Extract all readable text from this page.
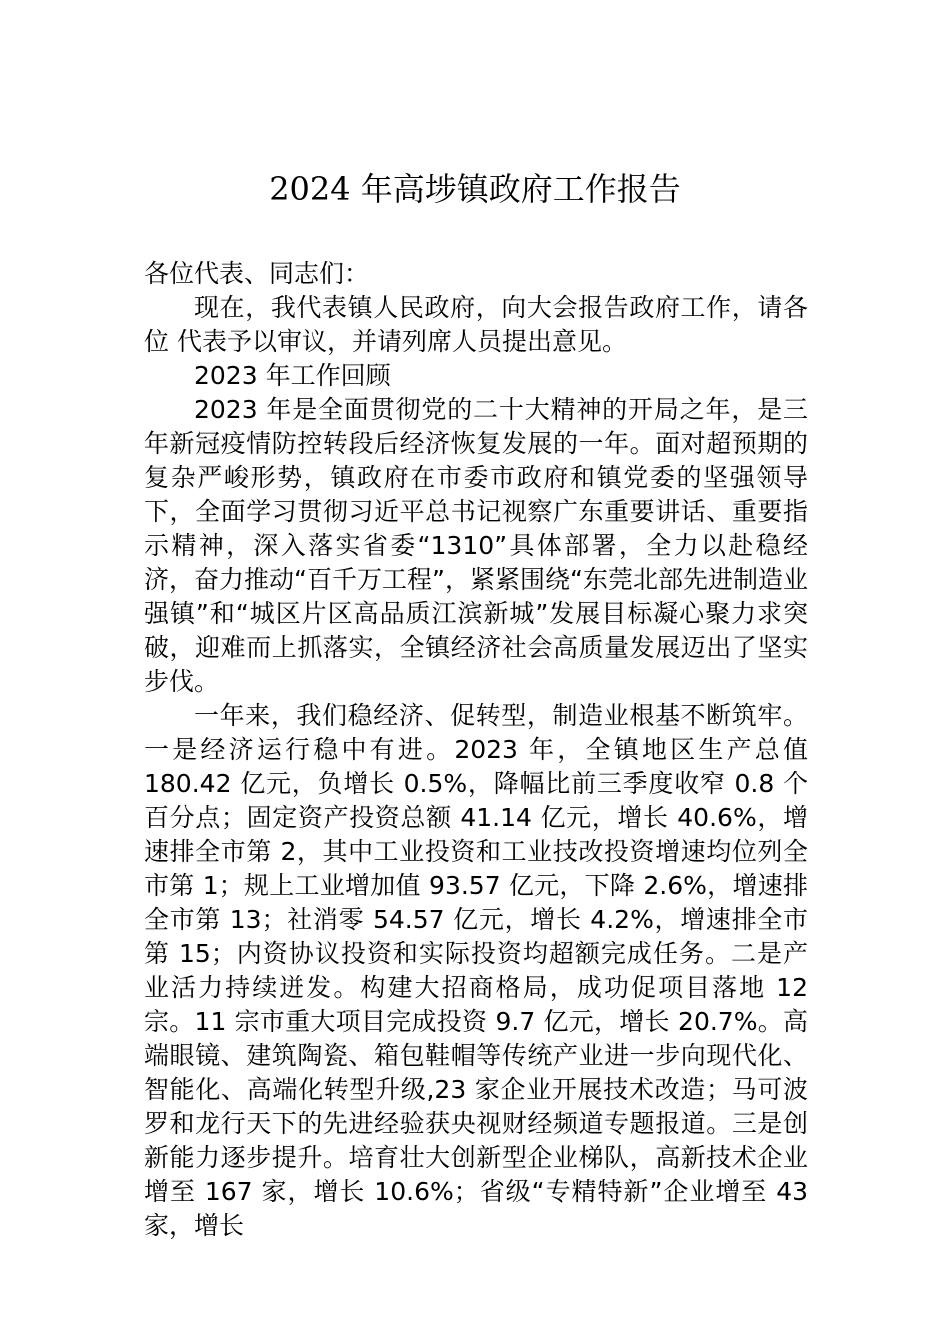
2024 年高埗镇政府工作报告

各位代表、同志们：

现在，我代表镇人民政府，向大会报告政府工作，请各位 代表予以审议，并请列席人员提出意见。

2023 年工作回顾

2023 年是全面贯彻党的二十大精神的开局之年，是三年新冠疫情防控转段后经济恢复发展的一年。面对超预期的复杂严峻形势，镇政府在市委市政府和镇党委的坚强领导下，全面学习贯彻习近平总书记视察广东重要讲话、重要指示精神，深入落实省委“1310”具体部署，全力以赴稳经济，奋力推动“百千万工程”，紧紧围绕“东莞北部先进制造业强镇”和“城区片区高品质江滨新城”发展目标凝心聚力求突破，迎难而上抓落实，全镇经济社会高质量发展迈出了坚实步伐。

一年来，我们稳经济、促转型，制造业根基不断筑牢。一是经济运行稳中有进。2023 年，全镇地区生产总值 180.42 亿元，负增长 0.5%，降幅比前三季度收窄 0.8 个百分点；固定资产投资总额 41.14 亿元，增长 40.6%，增速排全市第 2，其中工业投资和工业技改投资增速均位列全市第 1；规上工业增加值 93.57 亿元，下降 2.6%，增速排全市第 13；社消零 54.57 亿元，增长 4.2%，增速排全市第 15；内资协议投资和实际投资均超额完成任务。二是产业活力持续迸发。构建大招商格局，成功促项目落地 12 宗。11 宗市重大项目完成投资 9.7 亿元，增长 20.7%。高端眼镜、建筑陶瓷、箱包鞋帽等传统产业进一步向现代化、智能化、高端化转型升级,23 家企业开展技术改造；马可波罗和龙行天下的先进经验获央视财经频道专题报道。三是创新能力逐步提升。培育壮大创新型企业梯队，高新技术企业增至 167 家，增长 10.6%；省级“专精特新”企业增至 43 家，增长
